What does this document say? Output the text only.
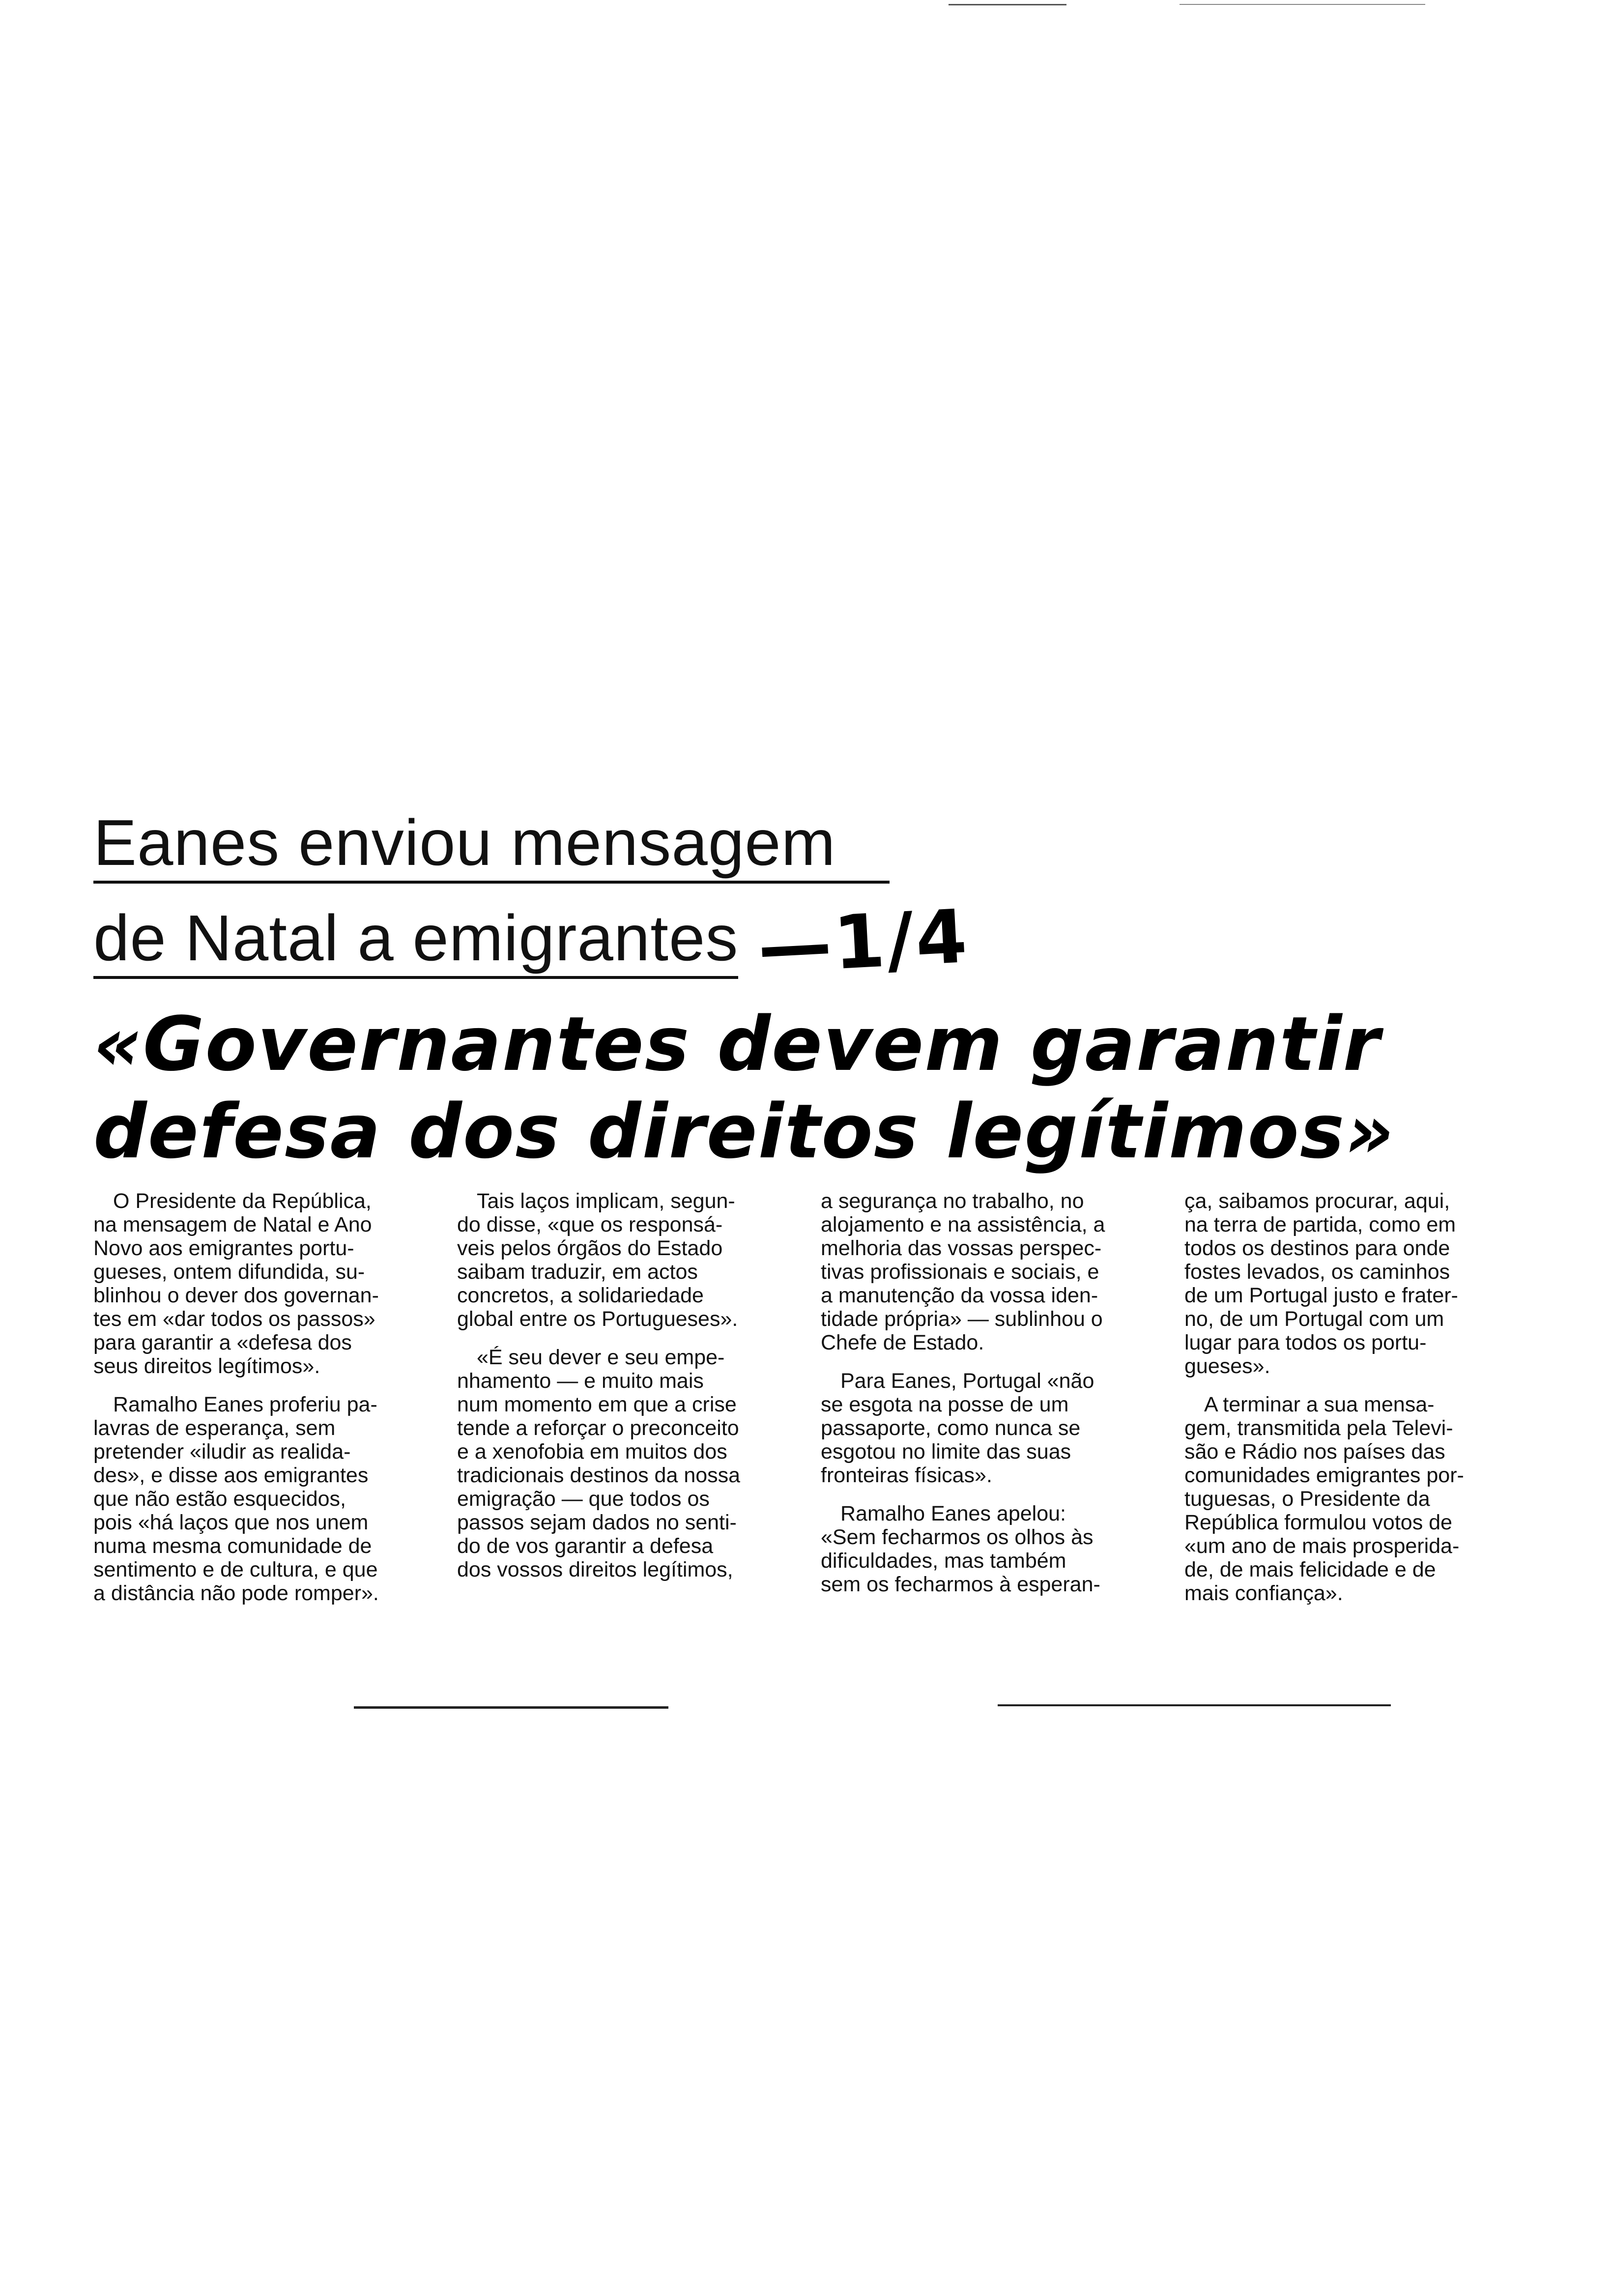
Eanes enviou mensagem
de Natal a emigrantes —1/4
«Governantes devem garantir
defesa dos direitos legítimos»

O Presidente da República,
na mensagem de Natal e Ano
Novo aos emigrantes portu-
gueses, ontem difundida, su-
blinhou o dever dos governan-
tes em «dar todos os passos»
para garantir a «defesa dos
seus direitos legítimos».

Ramalho Eanes proferiu pa-
lavras de esperança, sem
pretender «iludir as realida-
des», e disse aos emigrantes
que não estão esquecidos,
pois «há laços que nos unem
numa mesma comunidade de
sentimento e de cultura, e que
a distância não pode romper».

Tais laços implicam, segun-
do disse, «que os responsá-
veis pelos órgãos do Estado
saibam traduzir, em actos
concretos, a solidariedade
global entre os Portugueses».

«É seu dever e seu empe-
nhamento — e muito mais
num momento em que a crise
tende a reforçar o preconceito
e a xenofobia em muitos dos
tradicionais destinos da nossa
emigração — que todos os
passos sejam dados no senti-
do de vos garantir a defesa
dos vossos direitos legítimos,

a segurança no trabalho, no
alojamento e na assistência, a
melhoria das vossas perspec-
tivas profissionais e sociais, e
a manutenção da vossa iden-
tidade própria» — sublinhou o
Chefe de Estado.

Para Eanes, Portugal «não
se esgota na posse de um
passaporte, como nunca se
esgotou no limite das suas
fronteiras físicas».

Ramalho Eanes apelou:
«Sem fecharmos os olhos às
dificuldades, mas também
sem os fecharmos à esperan-

ça, saibamos procurar, aqui,
na terra de partida, como em
todos os destinos para onde
fostes levados, os caminhos
de um Portugal justo e frater-
no, de um Portugal com um
lugar para todos os portu-
gueses».

A terminar a sua mensa-
gem, transmitida pela Televi-
são e Rádio nos países das
comunidades emigrantes por-
tuguesas, o Presidente da
República formulou votos de
«um ano de mais prosperida-
de, de mais felicidade e de
mais confiança».
